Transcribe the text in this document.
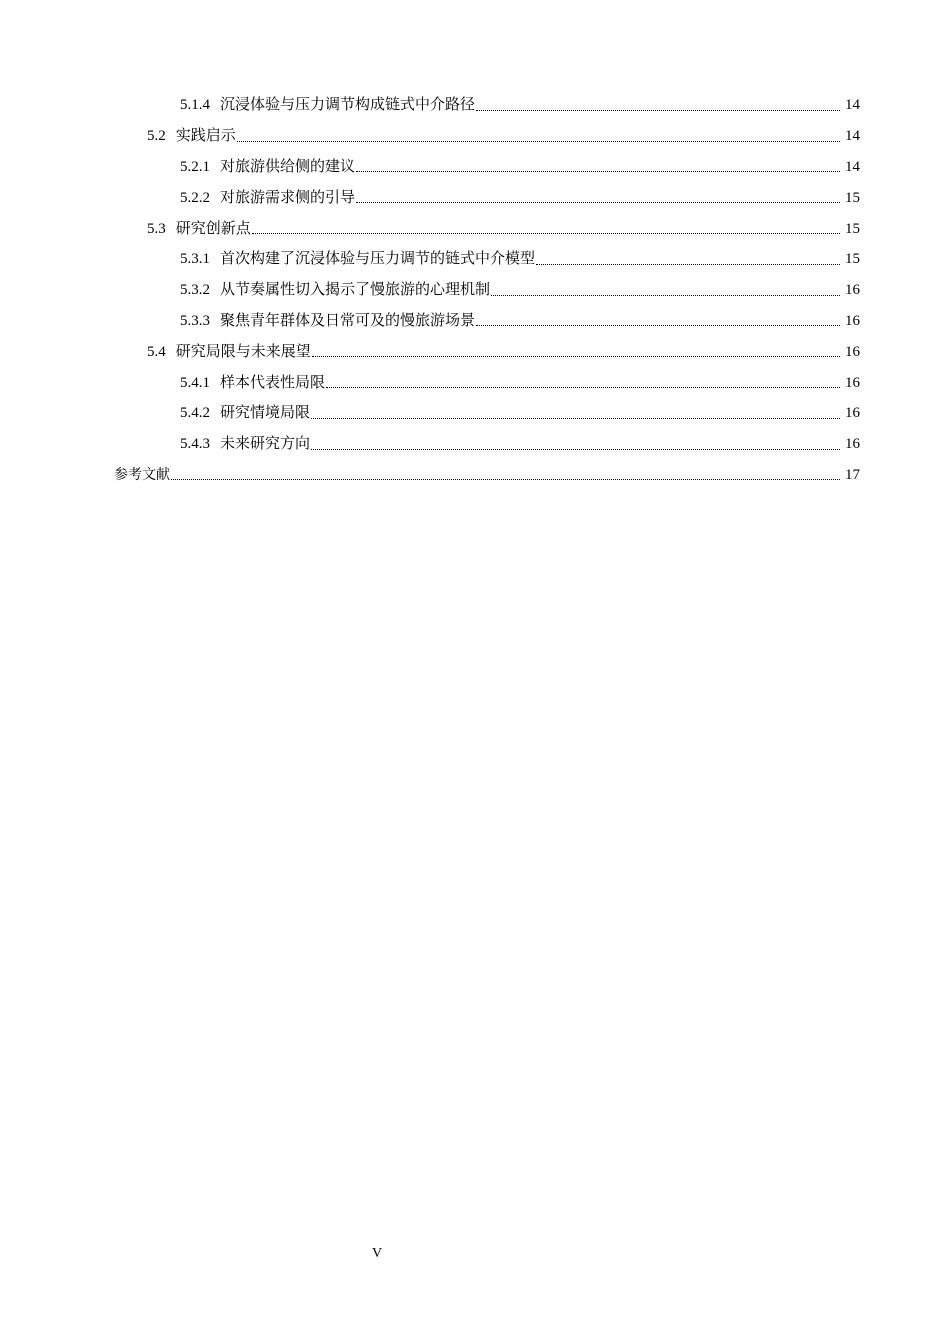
5.1.4 沉浸体验与压力调节构成链式中介路径	14
5.2 实践启示	14
5.2.1 对旅游供给侧的建议	14
5.2.2 对旅游需求侧的引导	15
5.3 研究创新点	15
5.3.1 首次构建了沉浸体验与压力调节的链式中介模型	15
5.3.2 从节奏属性切入揭示了慢旅游的心理机制	16
5.3.3 聚焦青年群体及日常可及的慢旅游场景	16
5.4 研究局限与未来展望	16
5.4.1 样本代表性局限	16
5.4.2 研究情境局限	16
5.4.3 未来研究方向	16
参考文献	17
V
